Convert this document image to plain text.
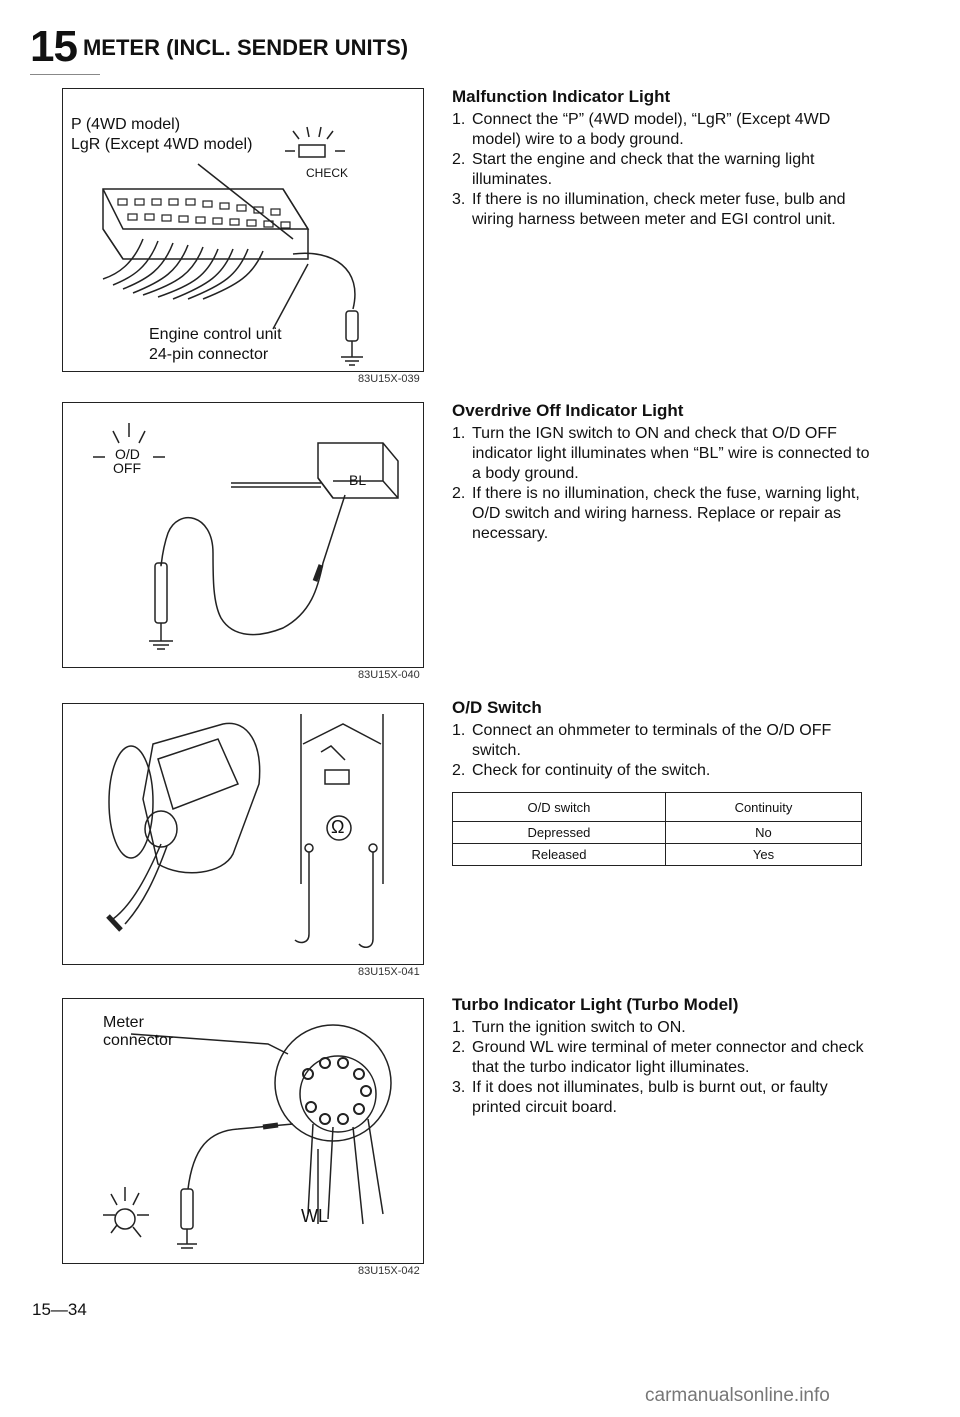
15 METER (INCL. SENDER UNITS)
P (4WD model)
LgR (Except 4WD model)
CHECK
Engine control unit
24-pin connector
83U15X-039
O/D
OFF
BL
83U15X-040
Ω
83U15X-041
Meter
connector
WL
83U15X-042
Malfunction Indicator Light
1. Connect the “P” (4WD model), “LgR” (Except 4WD model) wire to a body ground.
2. Start the engine and check that the warning light illuminates.
3. If there is no illumination, check meter fuse, bulb and wiring harness between meter and EGI control unit.
Overdrive Off Indicator Light
1. Turn the IGN switch to ON and check that O/D OFF indicator light illuminates when “BL” wire is connected to a body ground.
2. If there is no illumination, check the fuse, warning light, O/D switch and wiring harness. Replace or repair as necessary.
O/D Switch
1. Connect an ohmmeter to terminals of the O/D OFF switch.
2. Check for continuity of the switch.
O/D switch	Continuity
Depressed	No
Released	Yes
Turbo Indicator Light (Turbo Model)
1. Turn the ignition switch to ON.
2. Ground WL wire terminal of meter connector and check that the turbo indicator light illuminates.
3. If it does not illuminates, bulb is burnt out, or faulty printed circuit board.
15—34
carmanualsonline.info
